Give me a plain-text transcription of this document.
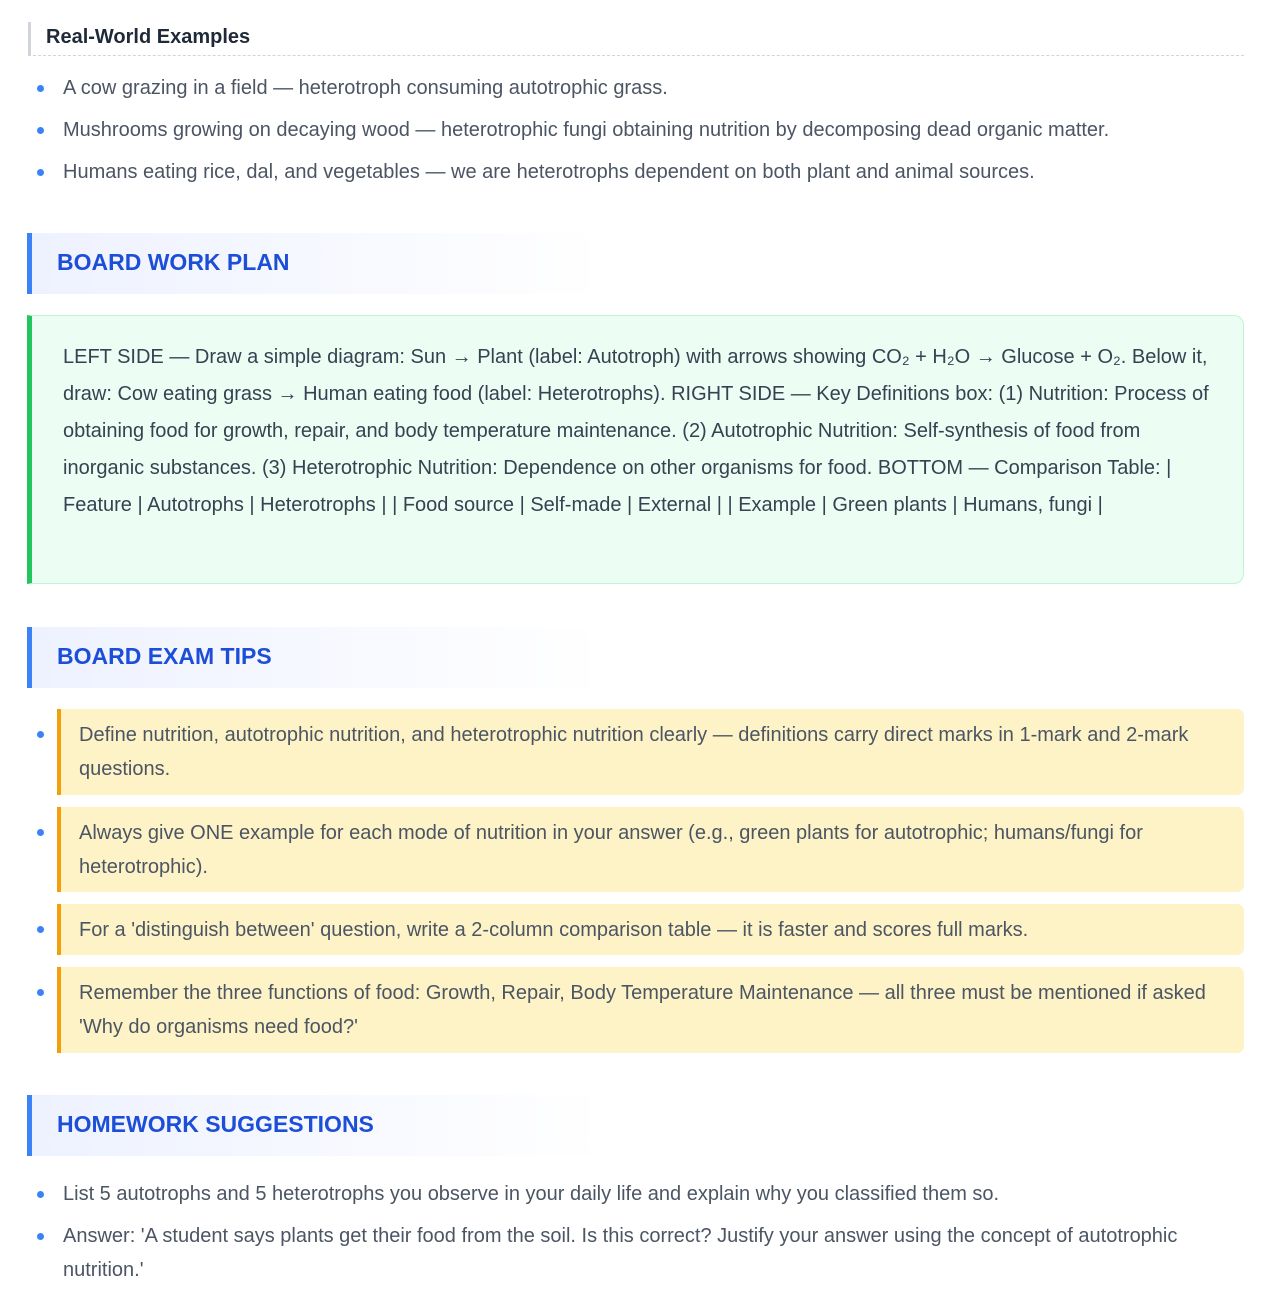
Real-World Examples
A cow grazing in a field — heterotroph consuming autotrophic grass.
Mushrooms growing on decaying wood — heterotrophic fungi obtaining nutrition by decomposing dead organic matter.
Humans eating rice, dal, and vegetables — we are heterotrophs dependent on both plant and animal sources.
BOARD WORK PLAN

LEFT SIDE — Draw a simple diagram: Sun → Plant (label: Autotroph) with arrows showing CO₂ + H₂O → Glucose + O₂. Below it, draw: Cow eating grass → Human eating food (label: Heterotrophs). RIGHT SIDE — Key Definitions box: (1) Nutrition: Process of obtaining food for growth, repair, and body temperature maintenance. (2) Autotrophic Nutrition: Self-synthesis of food from inorganic substances. (3) Heterotrophic Nutrition: Dependence on other organisms for food. BOTTOM — Comparison Table: | Feature | Autotrophs | Heterotrophs | | Food source | Self-made | External | | Example | Green plants | Humans, fungi |

BOARD EXAM TIPS
Define nutrition, autotrophic nutrition, and heterotrophic nutrition clearly — definitions carry direct marks in 1-mark and 2-mark questions.
Always give ONE example for each mode of nutrition in your answer (e.g., green plants for autotrophic; humans/fungi for heterotrophic).
For a 'distinguish between' question, write a 2-column comparison table — it is faster and scores full marks.
Remember the three functions of food: Growth, Repair, Body Temperature Maintenance — all three must be mentioned if asked 'Why do organisms need food?'
HOMEWORK SUGGESTIONS
List 5 autotrophs and 5 heterotrophs you observe in your daily life and explain why you classified them so.
Answer: 'A student says plants get their food from the soil. Is this correct? Justify your answer using the concept of autotrophic nutrition.'
